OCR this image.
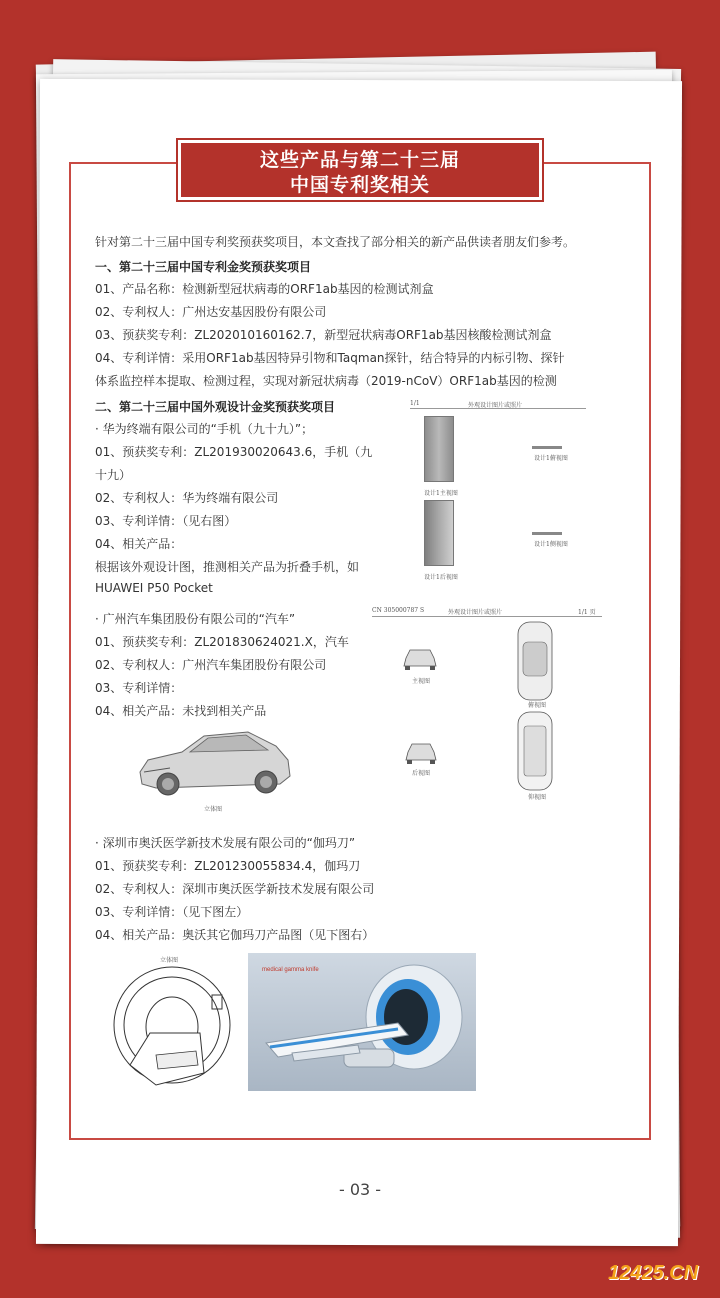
这些产品与第二十三届
中国专利奖相关
针对第二十三届中国专利奖预获奖项目，本文查找了部分相关的新产品供读者朋友们参考。
一、第二十三届中国专利金奖预获奖项目
01、产品名称：检测新型冠状病毒的ORF1ab基因的检测试剂盒
02、专利权人：广州达安基因股份有限公司
03、预获奖专利：ZL202010160162.7，新型冠状病毒ORF1ab基因核酸检测试剂盒
04、专利详情：采用ORF1ab基因特异引物和Taqman探针，结合特异的内标引物、探针
体系监控样本提取、检测过程，实现对新冠状病毒（2019-nCoV）ORF1ab基因的检测
二、第二十三届中国外观设计金奖预获奖项目
· 华为终端有限公司的“手机（九十九）”；
01、预获奖专利：ZL201930020643.6，手机（九
十九）
02、专利权人：华为终端有限公司
03、专利详情：（见右图）
04、相关产品：
根据该外观设计图，推测相关产品为折叠手机，如
HUAWEI P50 Pocket
1/1	外观设计图片或照片
设计1主视图
设计1俯视图
设计1后视图
设计1侧视图
· 广州汽车集团股份有限公司的“汽车”
01、预获奖专利：ZL201830624021.X，汽车
02、专利权人：广州汽车集团股份有限公司
03、专利详情：
04、相关产品：未找到相关产品
CN 305000787 S	外观设计图片或照片	1/1 页
主视图
俯视图
后视图
仰视图
立体图
· 深圳市奥沃医学新技术发展有限公司的“伽玛刀”
01、预获奖专利：ZL201230055834.4，伽玛刀
02、专利权人：深圳市奥沃医学新技术发展有限公司
03、专利详情：（见下图左）
04、相关产品：奥沃其它伽玛刀产品图（见下图右）
立体图
medical gamma knife
- 03 -
12425.CN
